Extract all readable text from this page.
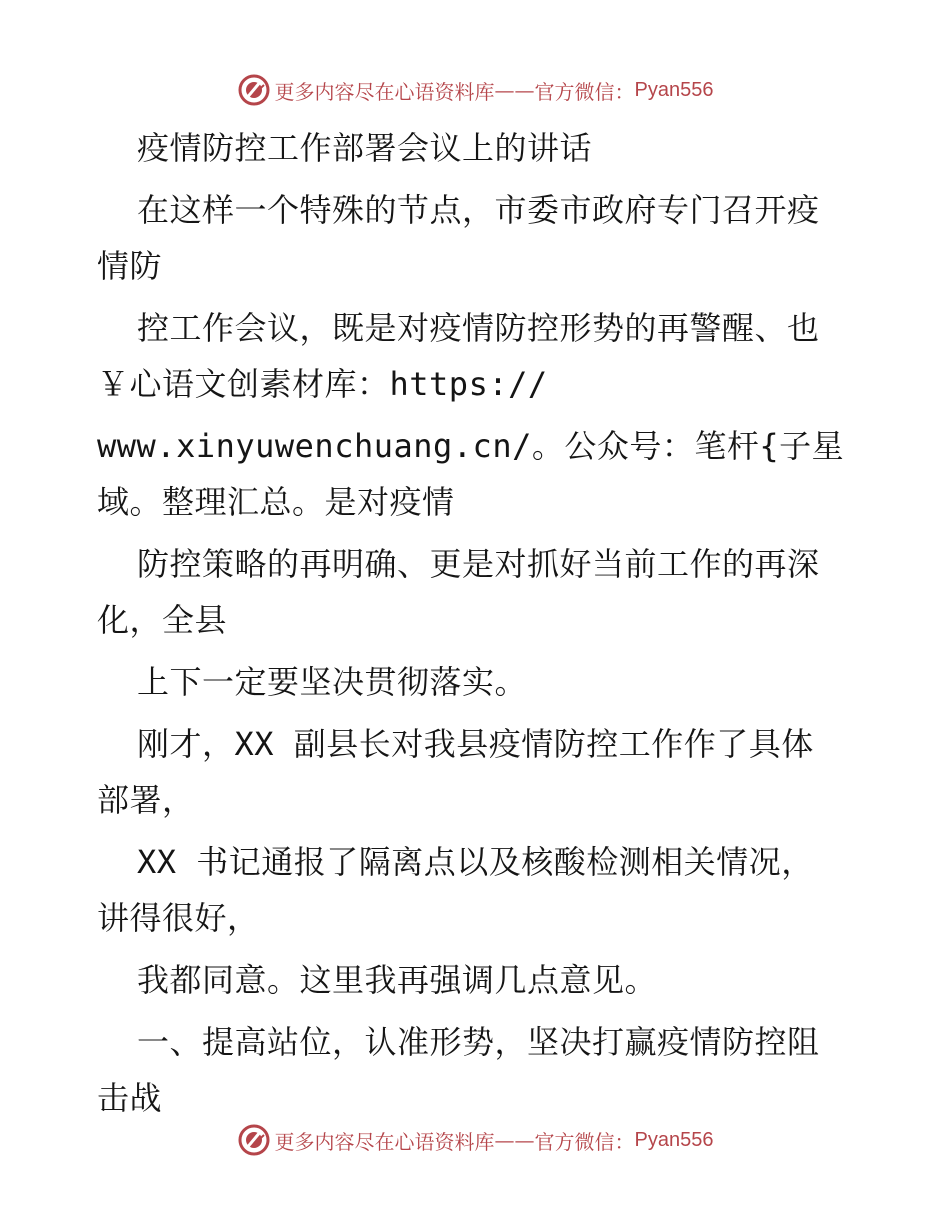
更多内容尽在心语资料库 —— 官方微信： Pyan556
疫情防控工作部署会议上的讲话
在这样一个特殊的节点，市委市政府专门召开疫
情防
控工作会议，既是对疫情防控形势的再警醒、也
￥心语文创素材库：https://
www.xinyuwenchuang.cn/。公众号：笔杆{子星
域。整理汇总。是对疫情
防控策略的再明确、更是对抓好当前工作的再深
化，全县
上下一定要坚决贯彻落实。
刚才，XX 副县长对我县疫情防控工作作了具体
部署，
XX 书记通报了隔离点以及核酸检测相关情况，
讲得很好，
我都同意。这里我再强调几点意见。
一、提高站位，认准形势，坚决打赢疫情防控阻
击战
更多内容尽在心语资料库 —— 官方微信： Pyan556
